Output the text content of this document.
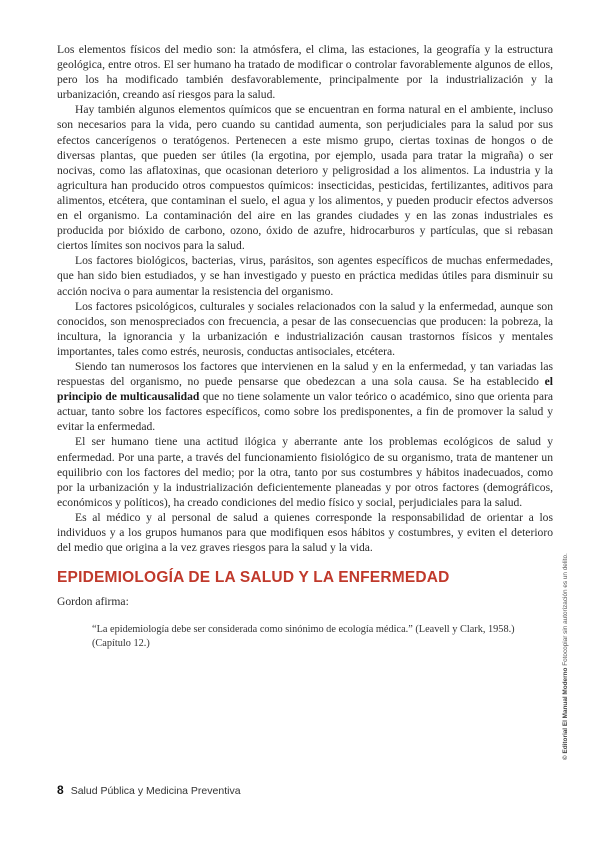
Los elementos físicos del medio son: la atmósfera, el clima, las estaciones, la geografía y la estructura geológica, entre otros. El ser humano ha tratado de modificar o controlar favorablemente algunos de ellos, pero los ha modificado también desfavorablemente, principalmente por la industrialización y la urbanización, creando así riesgos para la salud.

Hay también algunos elementos químicos que se encuentran en forma natural en el ambiente, incluso son necesarios para la vida, pero cuando su cantidad aumenta, son perjudiciales para la salud por sus efectos cancerígenos o teratógenos. Pertenecen a este mismo grupo, ciertas toxinas de hongos o de diversas plantas, que pueden ser útiles (la ergotina, por ejemplo, usada para tratar la migraña) o ser nocivas, como las aflatoxinas, que ocasionan deterioro y peligrosidad a los alimentos. La industria y la agricultura han producido otros compuestos químicos: insecticidas, pesticidas, fertilizantes, aditivos para alimentos, etcétera, que contaminan el suelo, el agua y los alimentos, y pueden producir efectos adversos en el organismo. La contaminación del aire en las grandes ciudades y en las zonas industriales es producida por bióxido de carbono, ozono, óxido de azufre, hidrocarburos y partículas, que si rebasan ciertos límites son nocivos para la salud.

Los factores biológicos, bacterias, virus, parásitos, son agentes específicos de muchas enfermedades, que han sido bien estudiados, y se han investigado y puesto en práctica medidas útiles para disminuir su acción nociva o para aumentar la resistencia del organismo.

Los factores psicológicos, culturales y sociales relacionados con la salud y la enfermedad, aunque son conocidos, son menospreciados con frecuencia, a pesar de las consecuencias que producen: la pobreza, la incultura, la ignorancia y la urbanización e industrialización causan trastornos físicos y mentales importantes, tales como estrés, neurosis, conductas antisociales, etcétera.

Siendo tan numerosos los factores que intervienen en la salud y en la enfermedad, y tan variadas las respuestas del organismo, no puede pensarse que obedezcan a una sola causa. Se ha establecido el principio de multicausalidad que no tiene solamente un valor teórico o académico, sino que orienta para actuar, tanto sobre los factores específicos, como sobre los predisponentes, a fin de promover la salud y evitar la enfermedad.

El ser humano tiene una actitud ilógica y aberrante ante los problemas ecológicos de salud y enfermedad. Por una parte, a través del funcionamiento fisiológico de su organismo, trata de mantener un equilibrio con los factores del medio; por la otra, tanto por sus costumbres y hábitos inadecuados, como por la urbanización y la industrialización deficientemente planeadas y por otros factores (demográficos, económicos y políticos), ha creado condiciones del medio físico y social, perjudiciales para la salud.

Es al médico y al personal de salud a quienes corresponde la responsabilidad de orientar a los individuos y a los grupos humanos para que modifiquen esos hábitos y costumbres, y eviten el deterioro del medio que origina a la vez graves riesgos para la salud y la vida.

EPIDEMIOLOGÍA DE LA SALUD Y LA ENFERMEDAD

Gordon afirma:

“La epidemiología debe ser considerada como sinónimo de ecología médica.” (Leavell y Clark, 1958.) (Capítulo 12.)

8 Salud Pública y Medicina Preventiva
© Editorial El Manual Moderno Fotocopiar sin autorización es un delito.
